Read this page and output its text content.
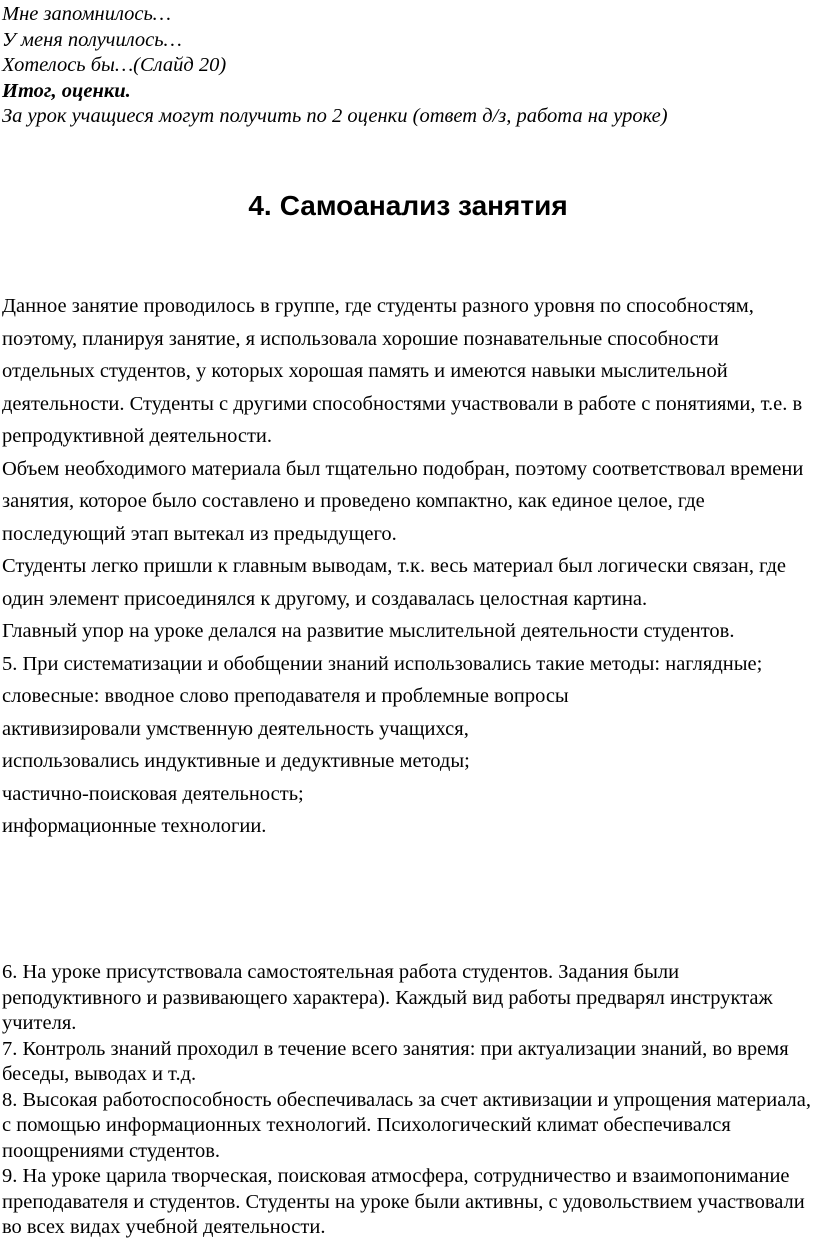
Мне запомнилось…

У меня получилось…

Хотелось бы…(Слайд 20)

Итог, оценки.

За урок учащиеся могут получить по 2 оценки (ответ д/з, работа на уроке)

4. Самоанализ занятия

Данное занятие проводилось в группе, где студенты разного уровня по способностям, поэтому, планируя занятие, я использовала хорошие познавательные способности отдельных студентов, у которых хорошая память и имеются навыки мыслительной деятельности. Студенты с другими способностями участвовали в работе с понятиями, т.е. в репродуктивной деятельности.

Объем необходимого материала был тщательно подобран, поэтому соответствовал времени занятия, которое было составлено и проведено компактно, как единое целое, где последующий этап вытекал из предыдущего.

Студенты легко пришли к главным выводам, т.к. весь материал был логически связан, где один элемент присоединялся к другому, и создавалась целостная картина.

Главный упор на уроке делался на развитие мыслительной деятельности студентов.

5. При систематизации и обобщении знаний использовались такие методы: наглядные;

словесные: вводное слово преподавателя и проблемные вопросы

активизировали умственную деятельность учащихся,

использовались индуктивные и дедуктивные методы;

частично-поисковая деятельность;

информационные технологии.

6. На уроке присутствовала самостоятельная работа студентов. Задания были реподуктивного и развивающего характера). Каждый вид работы предварял инструктаж учителя.

7. Контроль знаний проходил в течение всего занятия: при актуализации знаний, во время беседы, выводах и т.д.

8. Высокая работоспособность обеспечивалась за счет активизации и упрощения материала, с помощью информационных технологий. Психологический климат обеспечивался поощрениями студентов.

9. На уроке царила творческая, поисковая атмосфера, сотрудничество и взаимопонимание преподавателя и студентов. Студенты на уроке были активны, с удовольствием участвовали во всех видах учебной деятельности.
